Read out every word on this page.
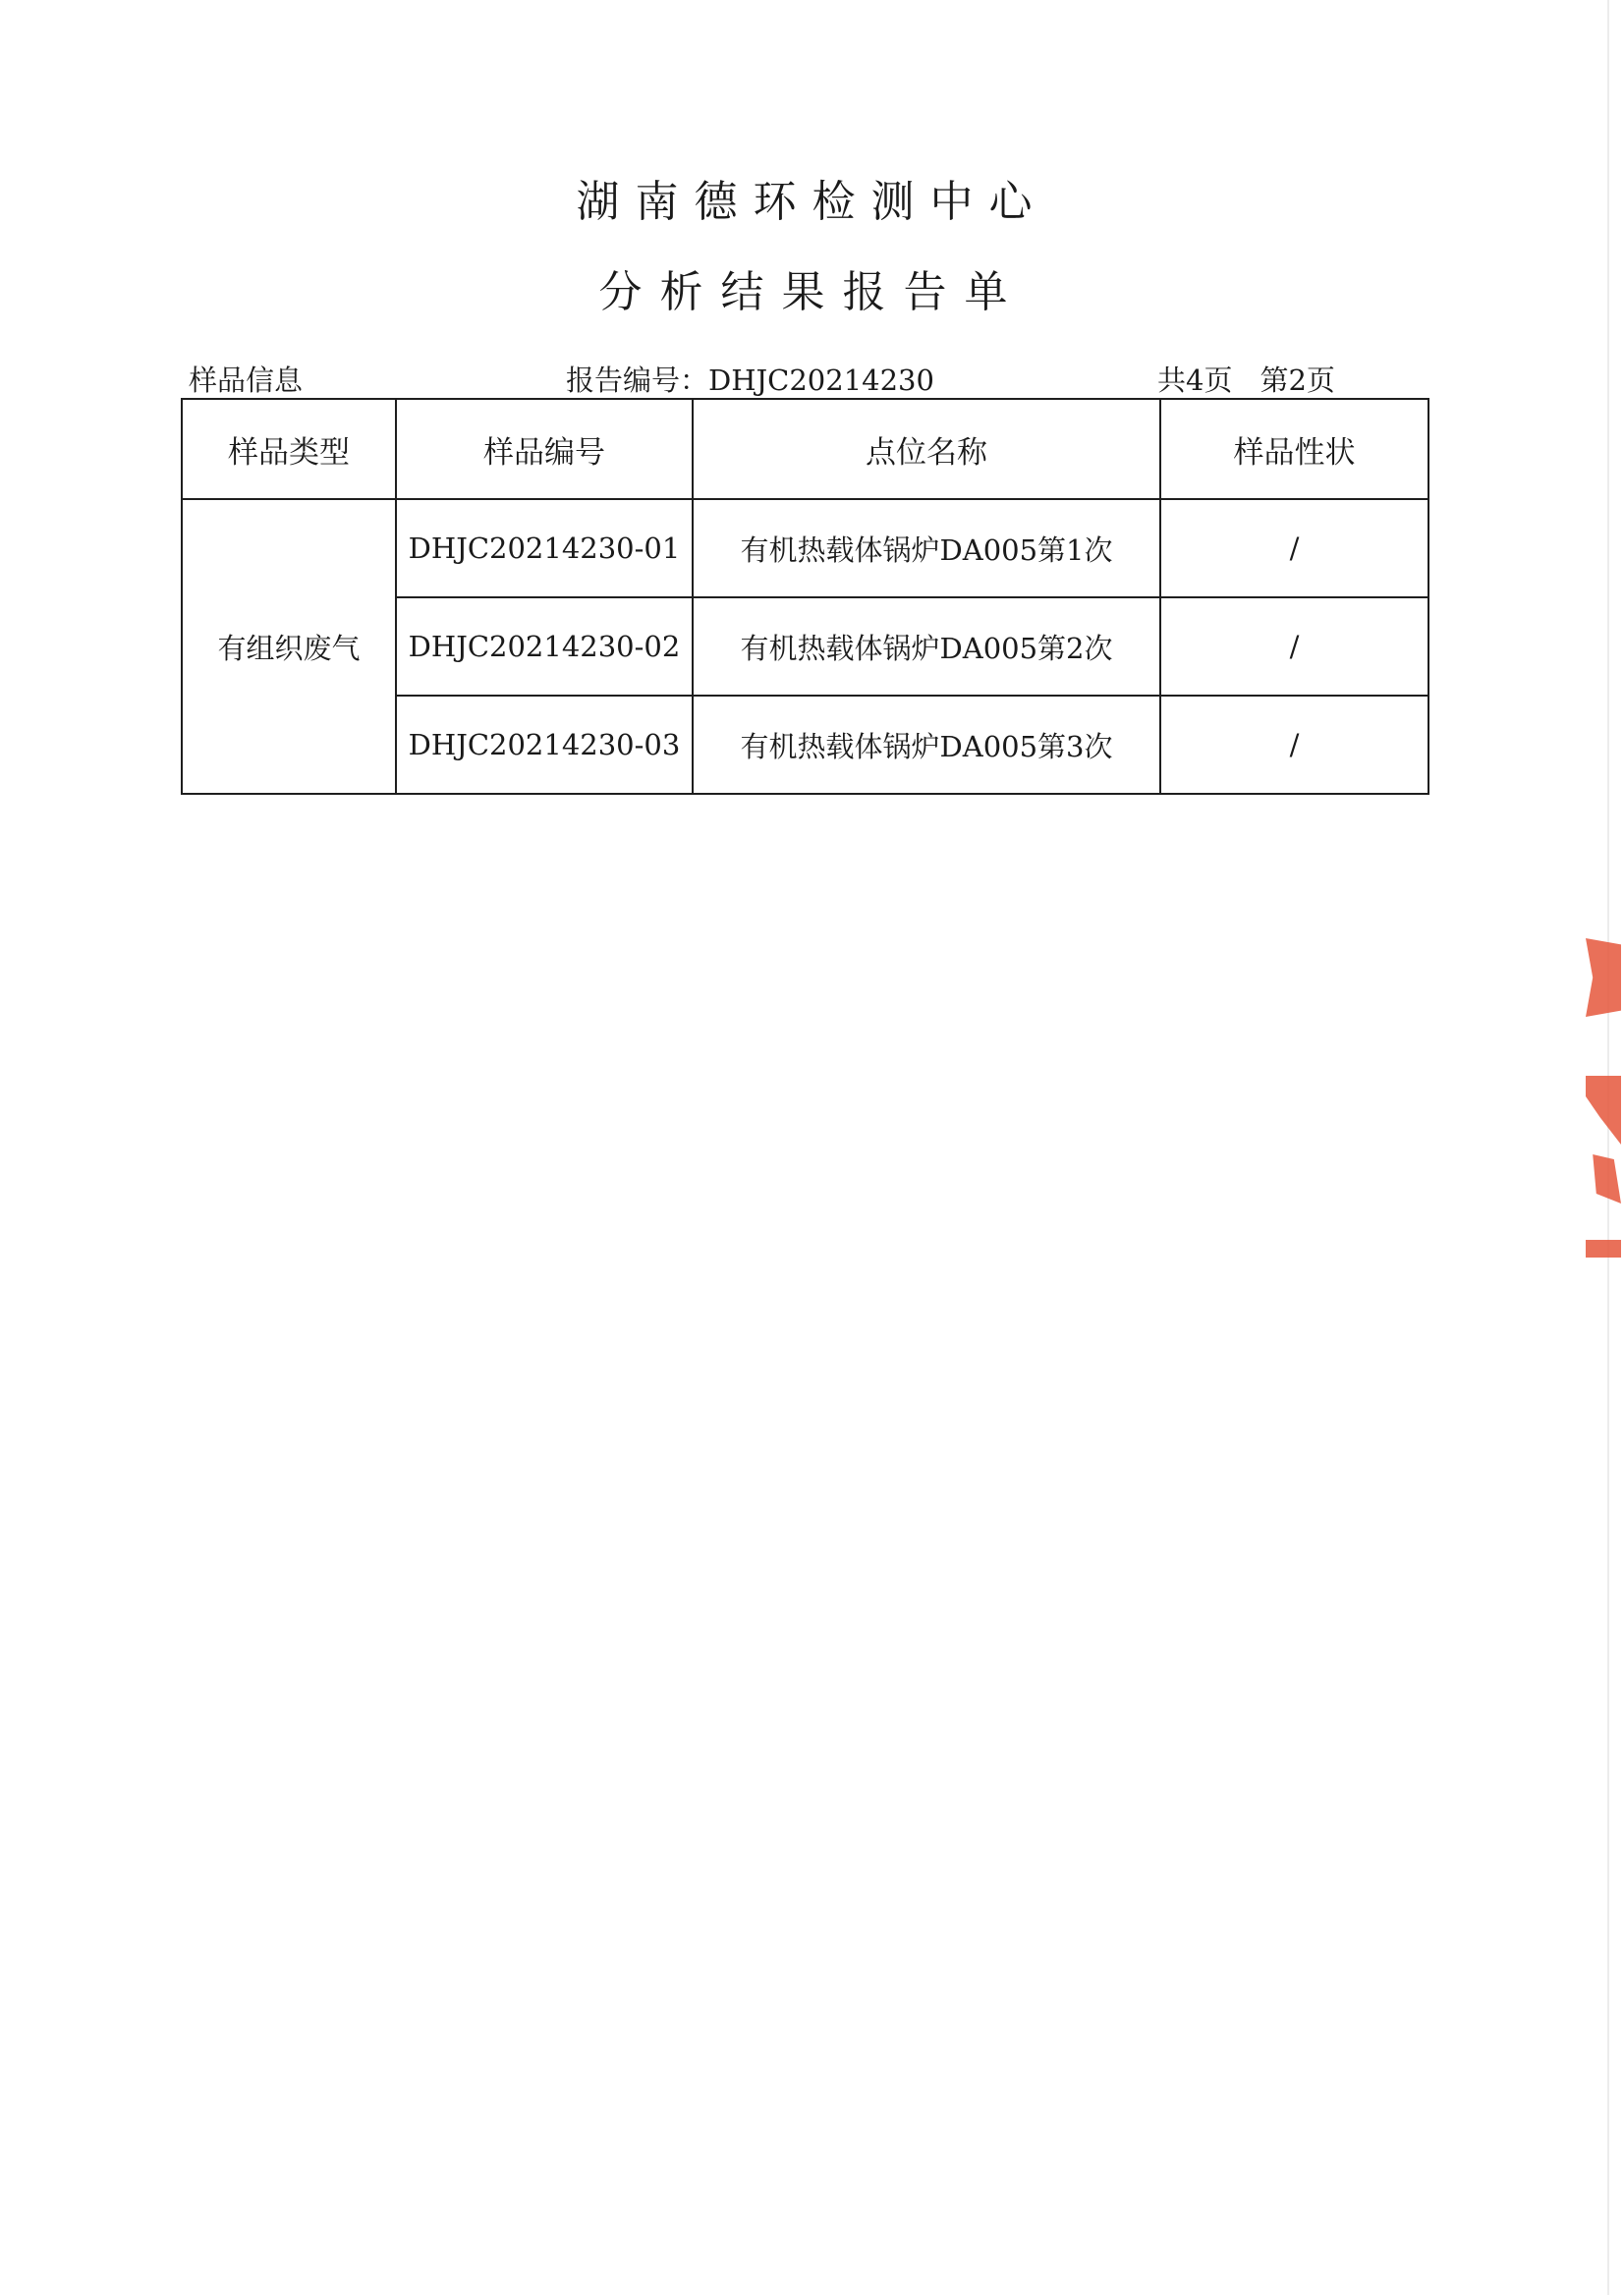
湖南德环检测中心
分析结果报告单
样品信息	报告编号：DHJC20214230	共4页 第2页
样品类型	样品编号	点位名称	样品性状
有组织废气	DHJC20214230-01	有机热载体锅炉DA005第1次	/
	DHJC20214230-02	有机热载体锅炉DA005第2次	/
	DHJC20214230-03	有机热载体锅炉DA005第3次	/
